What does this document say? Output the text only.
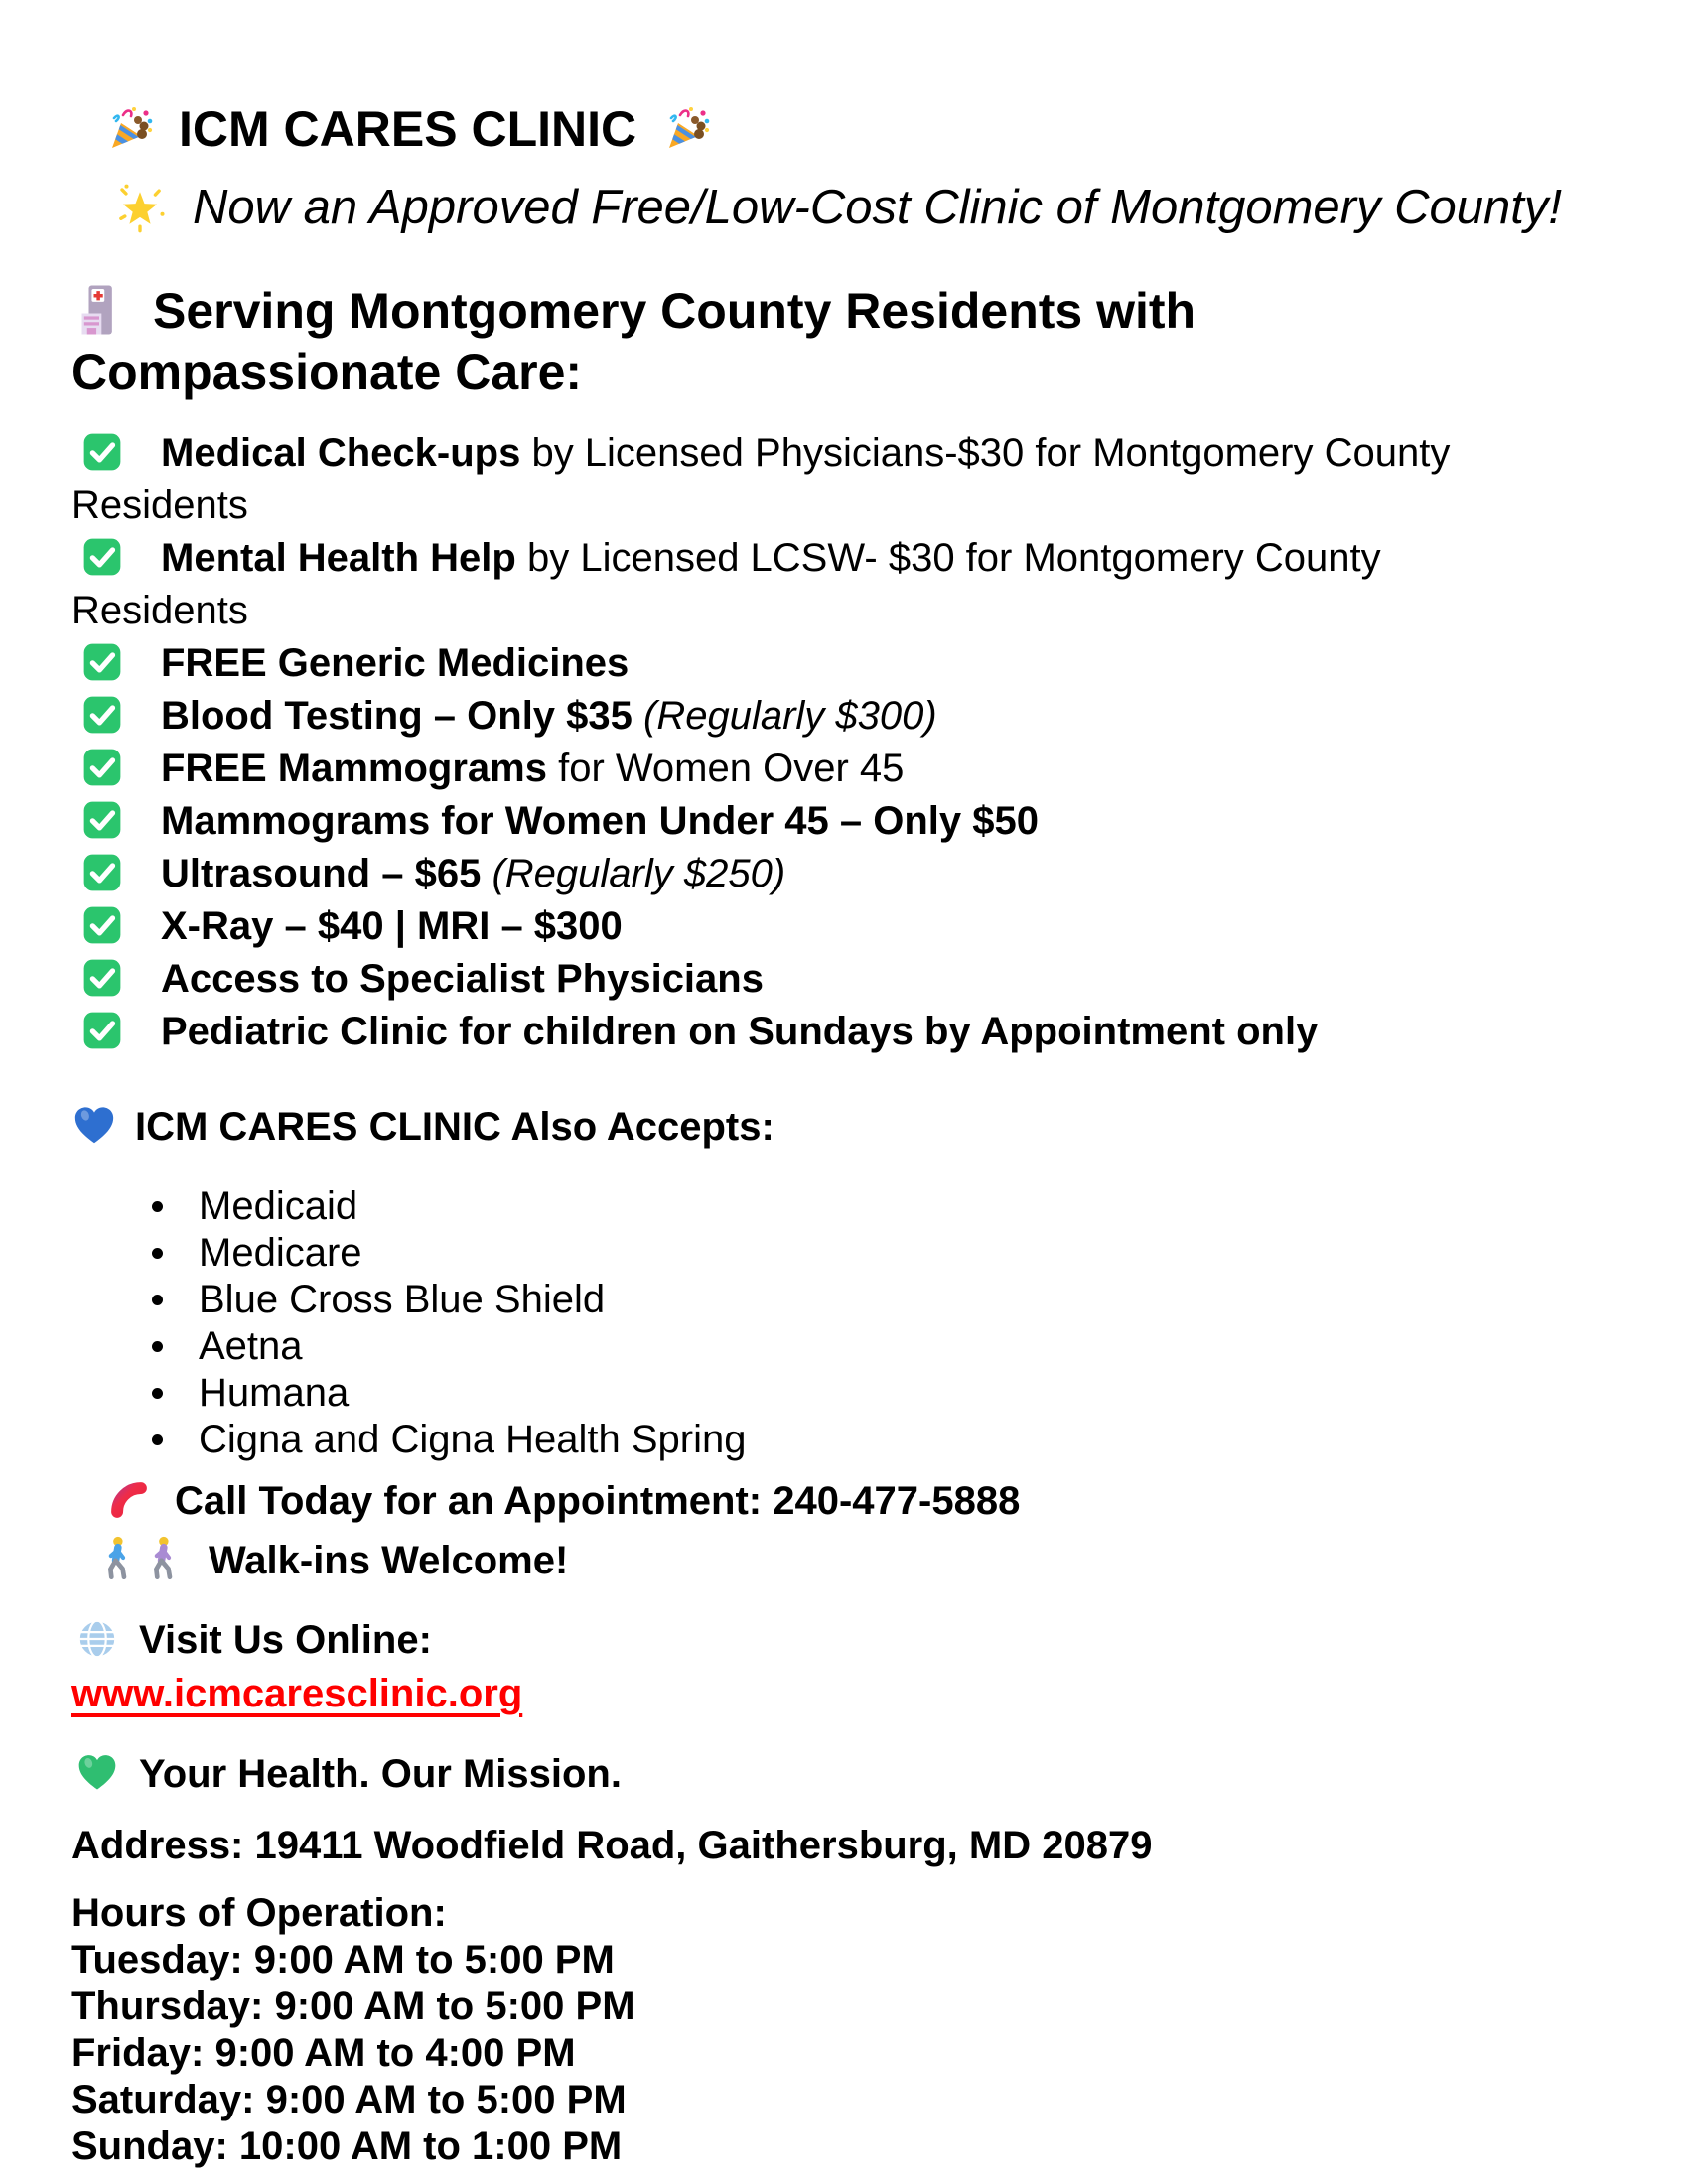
ICM CARES CLINIC
Now an Approved Free/Low-Cost Clinic of Montgomery County!
Serving Montgomery County Residents with Compassionate Care:
Medical Check-ups by Licensed Physicians-$30 for Montgomery County Residents
Mental Health Help by Licensed LCSW- $30 for Montgomery County Residents
FREE Generic Medicines
Blood Testing – Only $35 (Regularly $300)
FREE Mammograms for Women Over 45
Mammograms for Women Under 45 – Only $50
Ultrasound – $65 (Regularly $250)
X-Ray – $40 | MRI – $300
Access to Specialist Physicians
Pediatric Clinic for children on Sundays by Appointment only
ICM CARES CLINIC Also Accepts:
Medicaid
Medicare
Blue Cross Blue Shield
Aetna
Humana
Cigna and Cigna Health Spring
Call Today for an Appointment: 240-477-5888
Walk-ins Welcome!
Visit Us Online:
www.icmcaresclinic.org
Your Health. Our Mission.
Address: 19411 Woodfield Road, Gaithersburg, MD 20879
Hours of Operation:
Tuesday: 9:00 AM to 5:00 PM
Thursday: 9:00 AM to 5:00 PM
Friday: 9:00 AM to 4:00 PM
Saturday: 9:00 AM to 5:00 PM
Sunday: 10:00 AM to 1:00 PM
